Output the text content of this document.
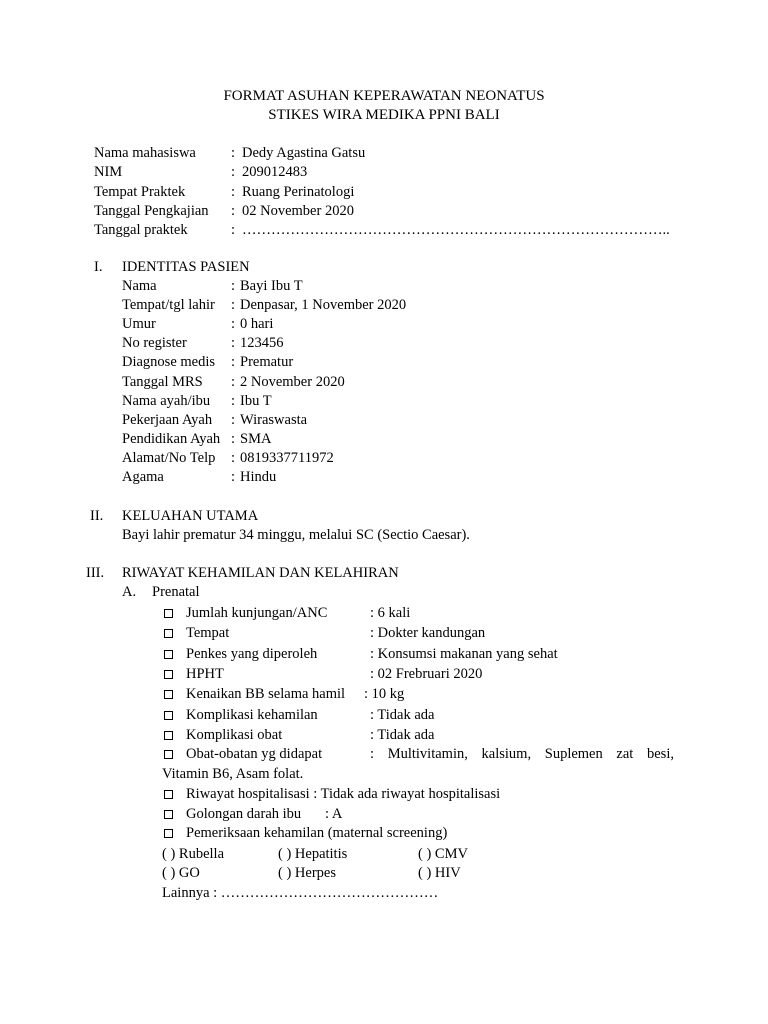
FORMAT ASUHAN KEPERAWATAN NEONATUS
STIKES WIRA MEDIKA PPNI BALI
Nama mahasiswa : Dedy Agastina Gatsu
NIM	: 209012483
Tempat Praktek	: Ruang Perinatologi
Tanggal Pengkajian : 02 November 2020
Tanggal praktek	: ……………………………………………………………………………..
I. IDENTITAS PASIEN
Nama	: Bayi Ibu T
Tempat/tgl lahir : Denpasar, 1 November 2020
Umur	: 0 hari
No register	: 123456
Diagnose medis : Prematur
Tanggal MRS : 2 November 2020
Nama ayah/ibu : Ibu T
Pekerjaan Ayah : Wiraswasta
Pendidikan Ayah : SMA
Alamat/No Telp : 0819337711972
Agama	: Hindu
II. KELUAHAN UTAMA
Bayi lahir prematur 34 minggu, melalui SC (Sectio Caesar).
III. RIWAYAT KEHAMILAN DAN KELAHIRAN
A. Prenatal
Jumlah kunjungan/ANC	: 6 kali
Tempat	: Dokter kandungan
Penkes yang diperoleh	: Konsumsi makanan yang sehat
HPHT	: 02 Frebruari 2020
Kenaikan BB selama hamil : 10 kg
Komplikasi kehamilan	: Tidak ada
Komplikasi obat	: Tidak ada
Obat-obatan yg didapat	: Multivitamin, kalsium, Suplemen zat besi,
Vitamin B6, Asam folat.
Riwayat hospitalisasi : Tidak ada riwayat hospitalisasi
Golongan darah ibu : A
Pemeriksaan kehamilan (maternal screening)
( ) Rubella	( ) Hepatitis	( ) CMV
( ) GO	( ) Herpes	( ) HIV
Lainnya : ………………………………………
